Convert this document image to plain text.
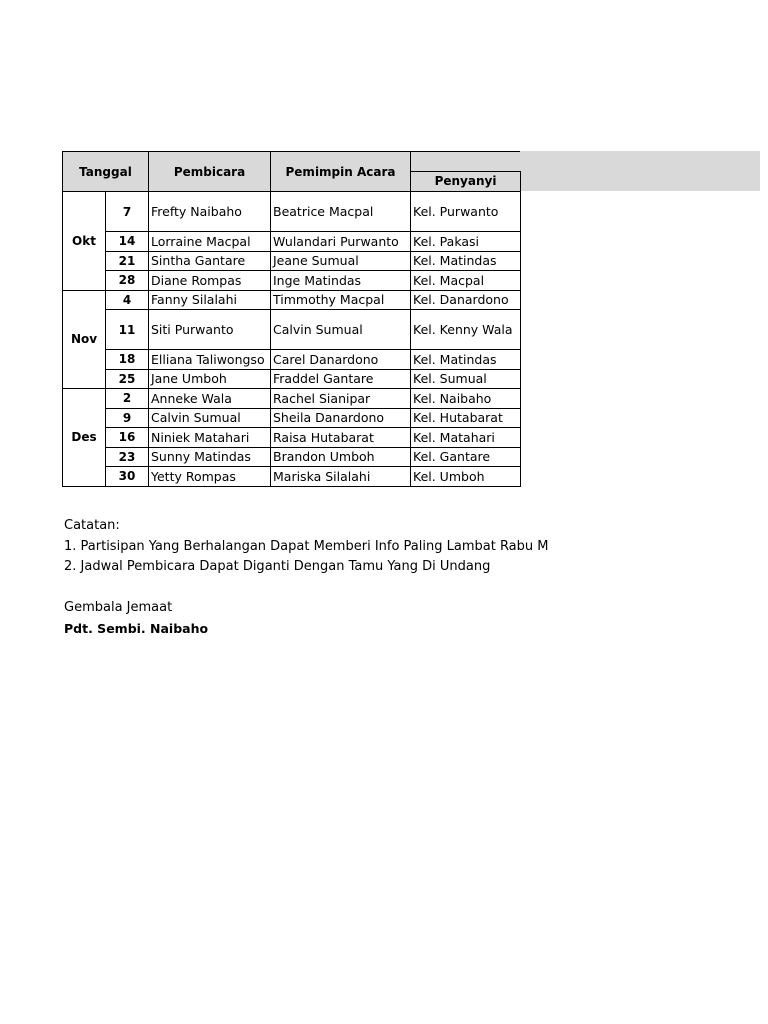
Tanggal		Pembicara	Pemimpin Acara	
				Penyanyi
Okt	7	Frefty Naibaho	Beatrice Macpal	Kel. Purwanto
	14	Lorraine Macpal	Wulandari Purwanto	Kel. Pakasi
	21	Sintha Gantare	Jeane Sumual	Kel. Matindas
	28	Diane Rompas	Inge Matindas	Kel. Macpal
Nov	4	Fanny Silalahi	Timmothy Macpal	Kel. Danardono
	11	Siti Purwanto	Calvin Sumual	Kel. Kenny Wala
	18	Elliana Taliwongso	Carel Danardono	Kel. Matindas
	25	Jane Umboh	Fraddel Gantare	Kel. Sumual
Des	2	Anneke Wala	Rachel Sianipar	Kel. Naibaho
	9	Calvin Sumual	Sheila Danardono	Kel. Hutabarat
	16	Niniek Matahari	Raisa Hutabarat	Kel. Matahari
	23	Sunny Matindas	Brandon Umboh	Kel. Gantare
	30	Yetty Rompas	Mariska Silalahi	Kel. Umboh
Catatan:
1. Partisipan Yang Berhalangan Dapat Memberi Info Paling Lambat Rabu M
2. Jadwal Pembicara Dapat Diganti Dengan Tamu Yang Di Undang
Gembala Jemaat
Pdt. Sembi. Naibaho
